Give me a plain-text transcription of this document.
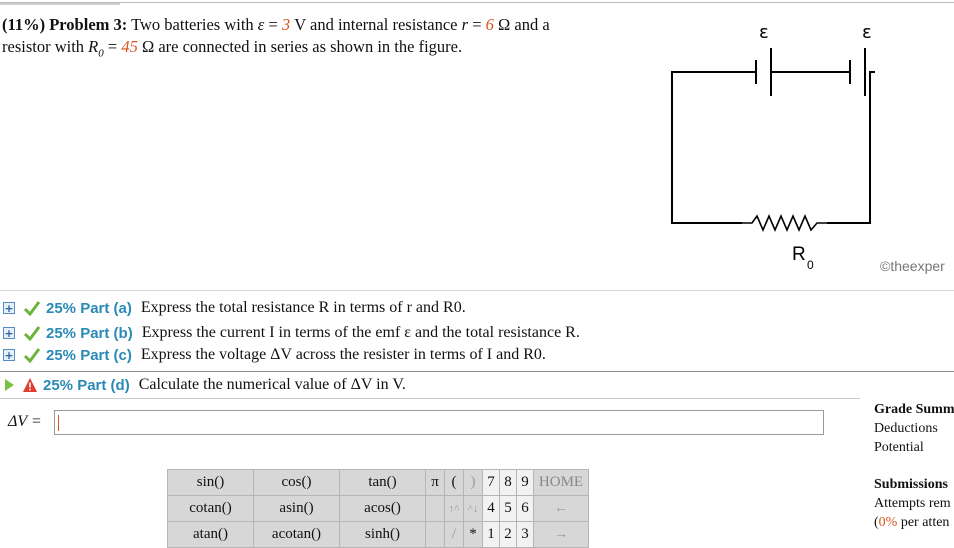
(11%) Problem 3: Two batteries with ε = 3 V and internal resistance r = 6 Ω and a
resistor with $R_0 = 45$ Ω are connected in series as shown in the figure.
ε	ε
R 0	©theexper
+ 25% Part (a) Express the total resistance R in terms of r and R0.
+ 25% Part (b) Express the current I in terms of the emf ε and the total resistance R.
+ 25% Part (c) Express the voltage ΔV across the resister in terms of I and R0.
25% Part (d) Calculate the numerical value of ΔV in V.
ΔV =
Grade Summ
Deductions
Potential
Submissions
Attempts rem
(0% per atten
sin()	cos()	tan()	π	(	)	7	8	9	HOME
cotan()	asin()	acos()		↑^	^↓	4	5	6	←
atan()	acotan()	sinh()		/	*	1	2	3	→
